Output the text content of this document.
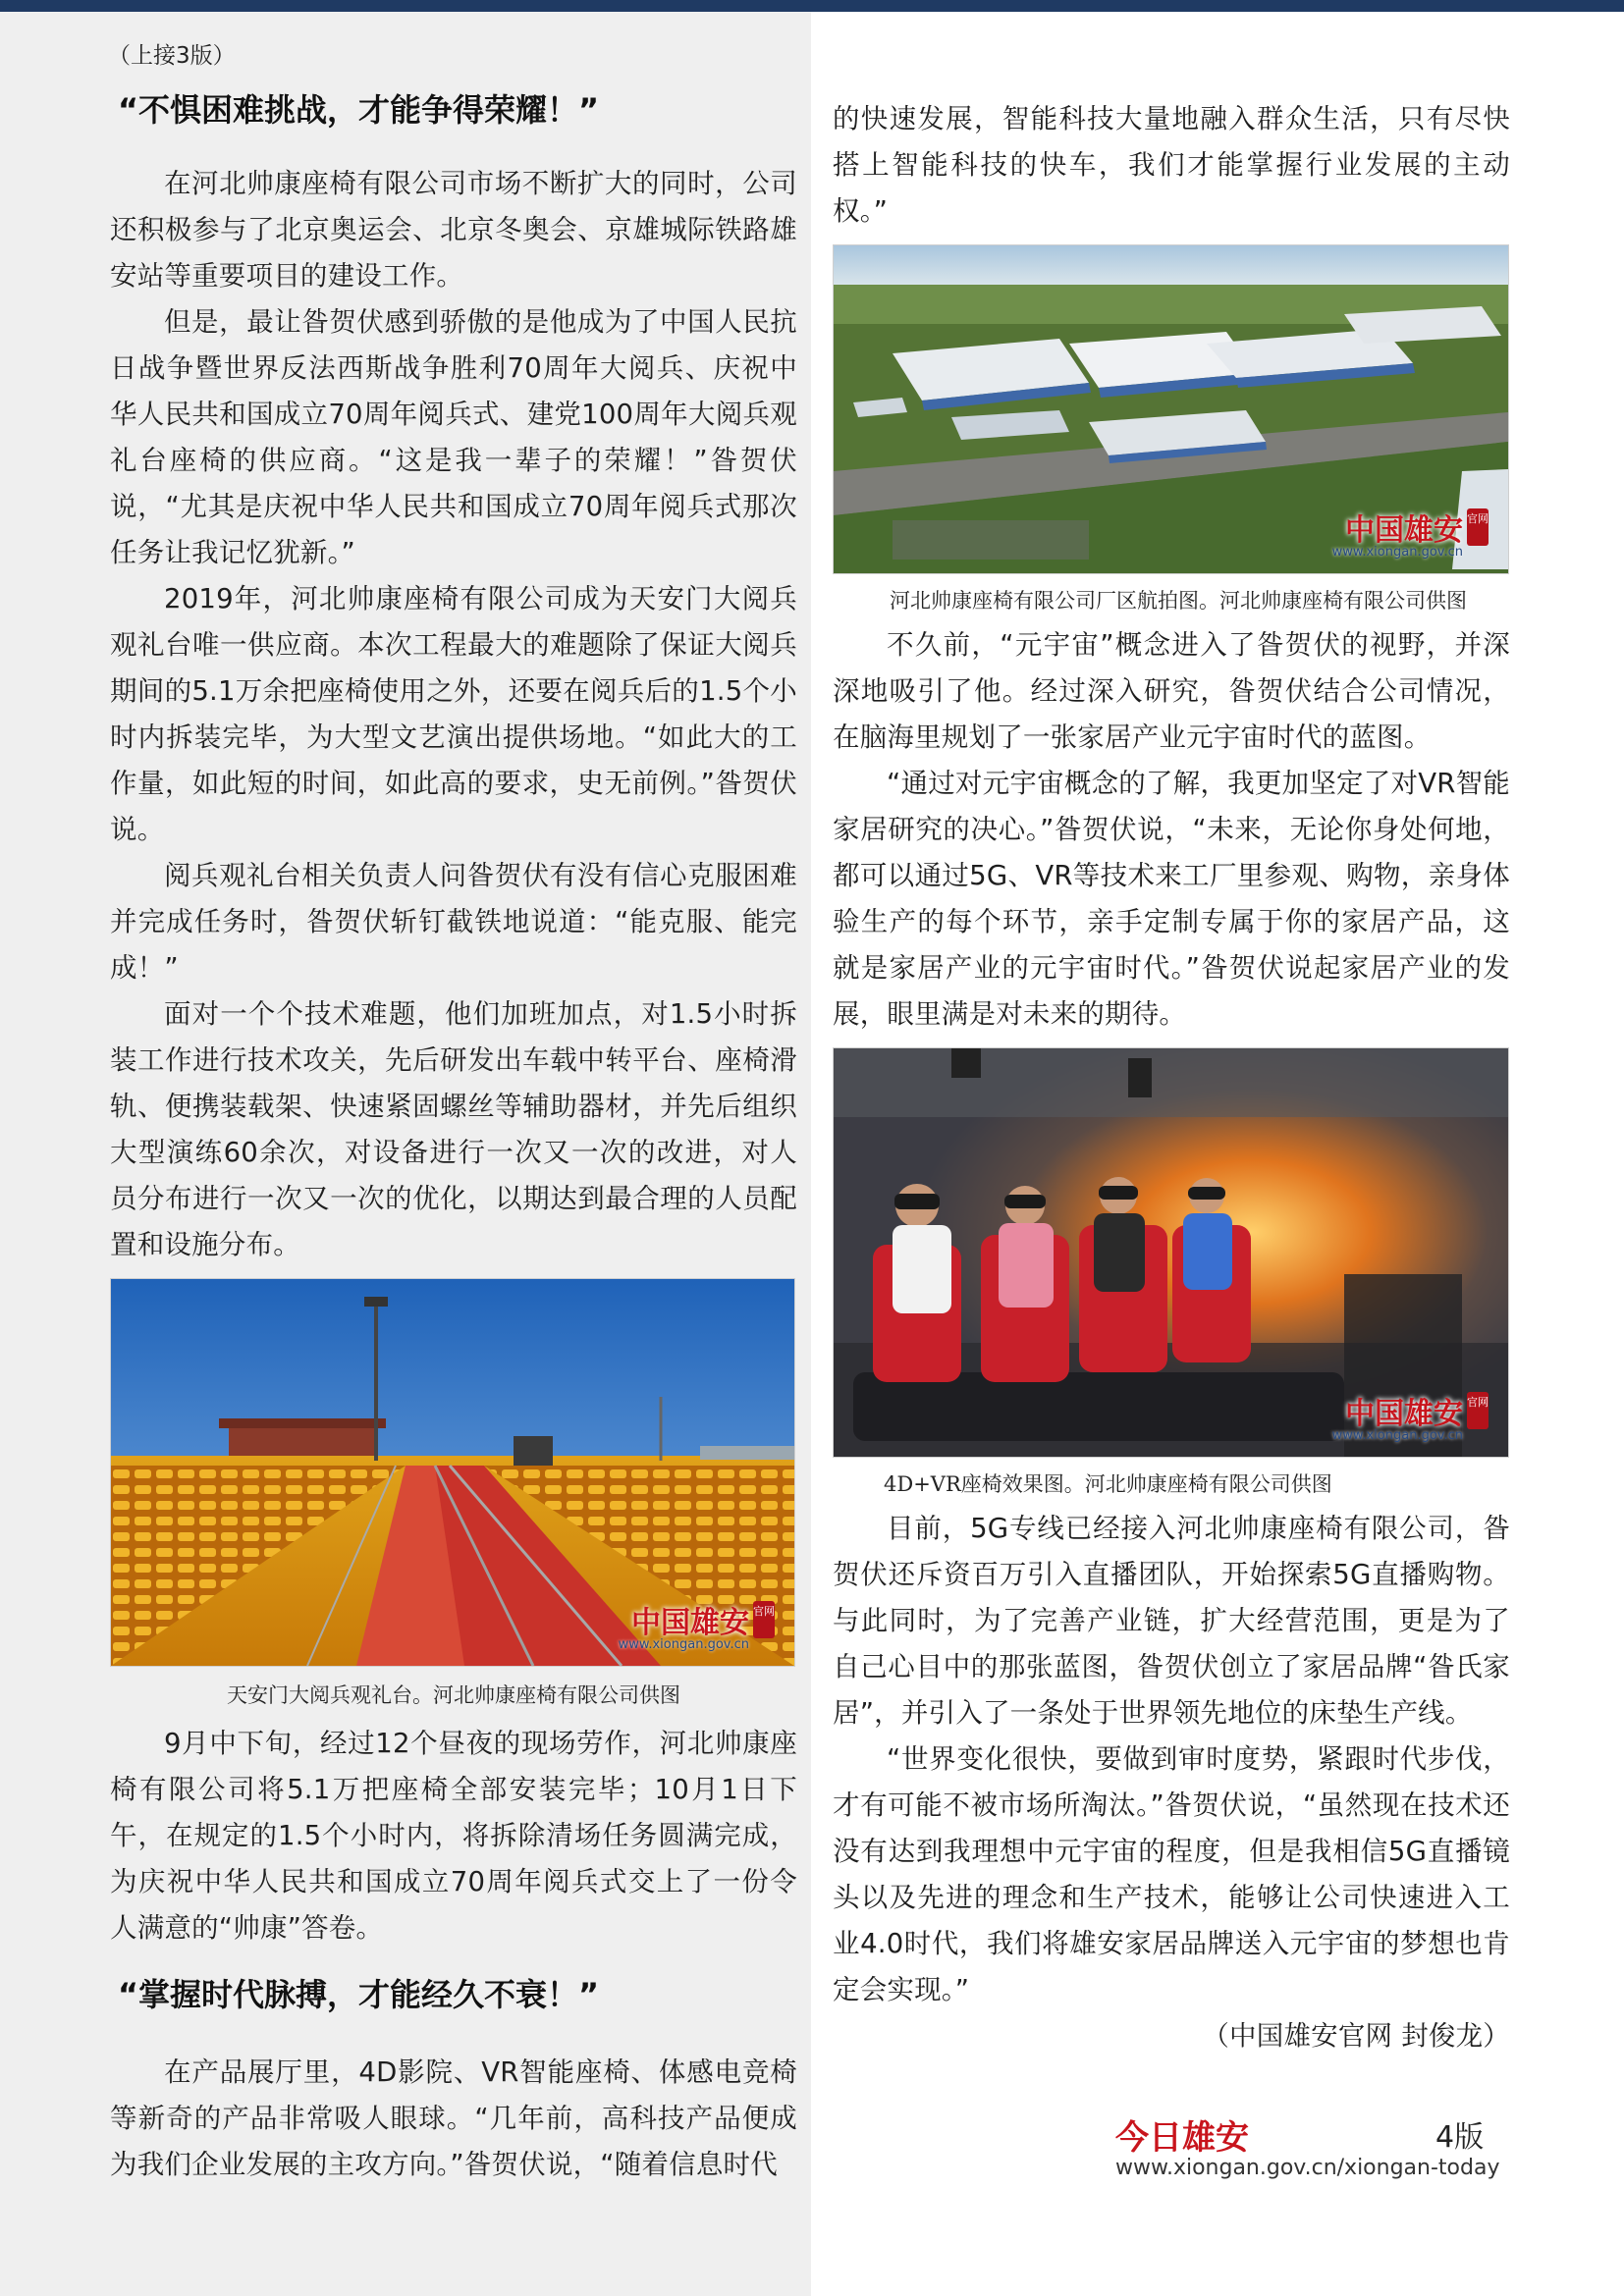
（上接3版）
“不惧困难挑战，才能争得荣耀！”

在河北帅康座椅有限公司市场不断扩大的同时，公司还积极参与了北京奥运会、北京冬奥会、京雄城际铁路雄安站等重要项目的建设工作。

但是，最让昝贺伏感到骄傲的是他成为了中国人民抗日战争暨世界反法西斯战争胜利70周年大阅兵、庆祝中华人民共和国成立70周年阅兵式、建党100周年大阅兵观礼台座椅的供应商。“这是我一辈子的荣耀！”昝贺伏说，“尤其是庆祝中华人民共和国成立70周年阅兵式那次任务让我记忆犹新。”

2019年，河北帅康座椅有限公司成为天安门大阅兵观礼台唯一供应商。本次工程最大的难题除了保证大阅兵期间的5.1万余把座椅使用之外，还要在阅兵后的1.5个小时内拆装完毕，为大型文艺演出提供场地。“如此大的工作量，如此短的时间，如此高的要求，史无前例。”昝贺伏说。

阅兵观礼台相关负责人问昝贺伏有没有信心克服困难并完成任务时，昝贺伏斩钉截铁地说道：“能克服、能完成！”

面对一个个技术难题，他们加班加点，对1.5小时拆装工作进行技术攻关，先后研发出车载中转平台、座椅滑轨、便携装载架、快速紧固螺丝等辅助器材，并先后组织大型演练60余次，对设备进行一次又一次的改进，对人员分布进行一次又一次的优化，以期达到最合理的人员配置和设施分布。

中国雄安 官网
www.xiongan.gov.cn

天安门大阅兵观礼台。河北帅康座椅有限公司供图

9月中下旬，经过12个昼夜的现场劳作，河北帅康座椅有限公司将5.1万把座椅全部安装完毕；10月1日下午，在规定的1.5个小时内，将拆除清场任务圆满完成，为庆祝中华人民共和国成立70周年阅兵式交上了一份令人满意的“帅康”答卷。

“掌握时代脉搏，才能经久不衰！”

在产品展厅里，4D影院、VR智能座椅、体感电竞椅等新奇的产品非常吸人眼球。“几年前，高科技产品便成为我们企业发展的主攻方向。”昝贺伏说，“随着信息时代

的快速发展，智能科技大量地融入群众生活，只有尽快搭上智能科技的快车，我们才能掌握行业发展的主动权。”

中国雄安 官网
www.xiongan.gov.cn

河北帅康座椅有限公司厂区航拍图。河北帅康座椅有限公司供图

不久前，“元宇宙”概念进入了昝贺伏的视野，并深深地吸引了他。经过深入研究，昝贺伏结合公司情况，在脑海里规划了一张家居产业元宇宙时代的蓝图。

“通过对元宇宙概念的了解，我更加坚定了对VR智能家居研究的决心。”昝贺伏说，“未来，无论你身处何地，都可以通过5G、VR等技术来工厂里参观、购物，亲身体验生产的每个环节，亲手定制专属于你的家居产品，这就是家居产业的元宇宙时代。”昝贺伏说起家居产业的发展，眼里满是对未来的期待。

中国雄安 官网
www.xiongan.gov.cn

4D+VR座椅效果图。河北帅康座椅有限公司供图

目前，5G专线已经接入河北帅康座椅有限公司，昝贺伏还斥资百万引入直播团队，开始探索5G直播购物。与此同时，为了完善产业链，扩大经营范围，更是为了自己心目中的那张蓝图，昝贺伏创立了家居品牌“昝氏家居”，并引入了一条处于世界领先地位的床垫生产线。

“世界变化很快，要做到审时度势，紧跟时代步伐，才有可能不被市场所淘汰。”昝贺伏说，“虽然现在技术还没有达到我理想中元宇宙的程度，但是我相信5G直播镜头以及先进的理念和生产技术，能够让公司快速进入工业4.0时代，我们将雄安家居品牌送入元宇宙的梦想也肯定会实现。”

（中国雄安官网 封俊龙）

今日雄安	4版
www.xiongan.gov.cn/xiongan-today
